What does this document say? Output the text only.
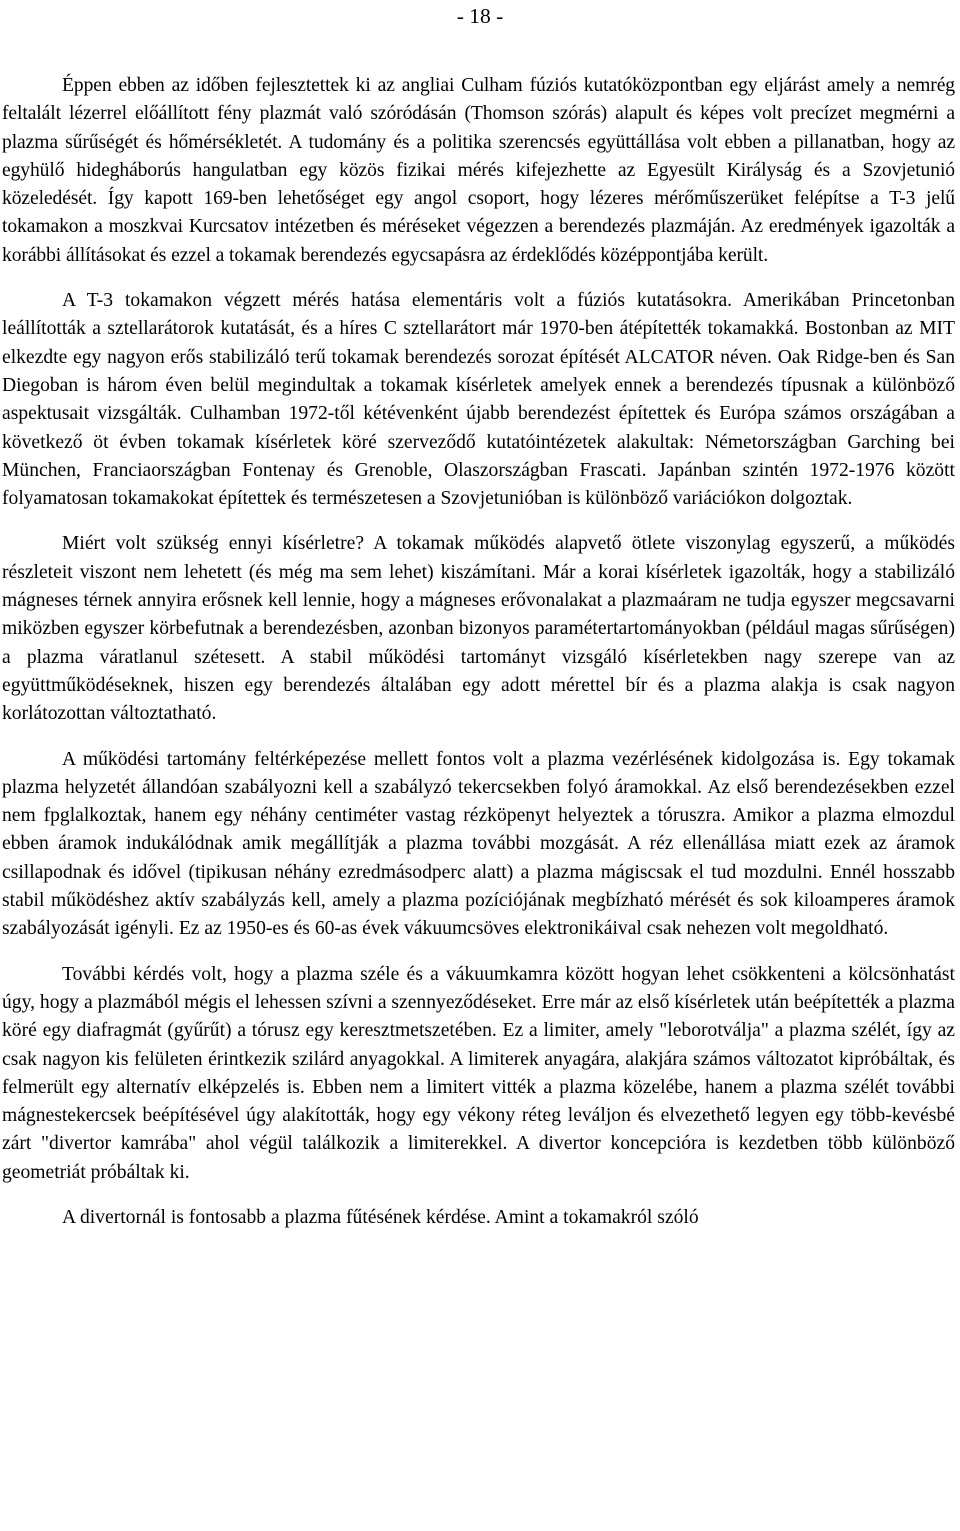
- 18 -

Éppen ebben az időben fejlesztettek ki az angliai Culham fúziós kutatóközpontban egy eljárást amely a nemrég feltalált lézerrel előállított fény plazmát való szóródásán (Thomson szórás) alapult és képes volt precízet megmérni a plazma sűrűségét és hőmérsékletét. A tudomány és a politika szerencsés együttállása volt ebben a pillanatban, hogy az egyhülő hidegháborús hangulatban egy közös fizikai mérés kifejezhette az Egyesült Királyság és a Szovjetunió közeledését. Így kapott 169-ben lehetőséget egy angol csoport, hogy lézeres mérőműszerüket felépítse a T-3 jelű tokamakon a moszkvai Kurcsatov intézetben és méréseket végezzen a berendezés plazmáján. Az eredmények igazolták a korábbi állításokat és ezzel a tokamak berendezés egycsapásra az érdeklődés középpontjába került.

A T-3 tokamakon végzett mérés hatása elementáris volt a fúziós kutatásokra. Amerikában Princetonban leállították a sztellarátorok kutatását, és a híres C sztellarátort már 1970-ben átépítették tokamakká. Bostonban az MIT elkezdte egy nagyon erős stabilizáló terű tokamak berendezés sorozat építését ALCATOR néven. Oak Ridge-ben és San Diegoban is három éven belül megindultak a tokamak kísérletek amelyek ennek a berendezés típusnak a különböző aspektusait vizsgálták. Culhamban 1972-től kétévenként újabb berendezést építettek és Európa számos országában a következő öt évben tokamak kísérletek köré szerveződő kutatóintézetek alakultak: Németországban Garching bei München, Franciaországban Fontenay és Grenoble, Olaszországban Frascati. Japánban szintén 1972-1976 között folyamatosan tokamakokat építettek és természetesen a Szovjetunióban is különböző variációkon dolgoztak.

Miért volt szükség ennyi kísérletre? A tokamak működés alapvető ötlete viszonylag egyszerű, a működés részleteit viszont nem lehetett (és még ma sem lehet) kiszámítani. Már a korai kísérletek igazolták, hogy a stabilizáló mágneses térnek annyira erősnek kell lennie, hogy a mágneses erővonalakat a plazmaáram ne tudja egyszer megcsavarni miközben egyszer körbefutnak a berendezésben, azonban bizonyos paramétertartományokban (például magas sűrűségen) a plazma váratlanul szétesett. A stabil működési tartományt vizsgáló kísérletekben nagy szerepe van az együttműködéseknek, hiszen egy berendezés általában egy adott mérettel bír és a plazma alakja is csak nagyon korlátozottan változtatható.

A működési tartomány feltérképezése mellett fontos volt a plazma vezérlésének kidolgozása is. Egy tokamak plazma helyzetét állandóan szabályozni kell a szabályzó tekercsekben folyó áramokkal. Az első berendezésekben ezzel nem fpglalkoztak, hanem egy néhány centiméter vastag rézköpenyt helyeztek a tóruszra. Amikor a plazma elmozdul ebben áramok indukálódnak amik megállítják a plazma további mozgását. A réz ellenállása miatt ezek az áramok csillapodnak és idővel (tipikusan néhány ezredmásodperc alatt) a plazma mágiscsak el tud mozdulni. Ennél hosszabb stabil működéshez aktív szabályzás kell, amely a plazma pozíciójának megbízható mérését és sok kiloamperes áramok szabályozását igényli. Ez az 1950-es és 60-as évek vákuumcsöves elektronikáival csak nehezen volt megoldható.

További kérdés volt, hogy a plazma széle és a vákuumkamra között hogyan lehet csökkenteni a kölcsönhatást úgy, hogy a plazmából mégis el lehessen szívni a szennyeződéseket. Erre már az első kísérletek után beépítették a plazma köré egy diafragmát (gyűrűt) a tórusz egy keresztmetszetében. Ez a limiter, amely "leborotválja" a plazma szélét, így az csak nagyon kis felületen érintkezik szilárd anyagokkal. A limiterek anyagára, alakjára számos változatot kipróbáltak, és felmerült egy alternatív elképzelés is. Ebben nem a limitert vitték a plazma közelébe, hanem a plazma szélét további mágnestekercsek beépítésével úgy alakították, hogy egy vékony réteg leváljon és elvezethető legyen egy több-kevésbé zárt "divertor kamrába" ahol végül találkozik a limiterekkel. A divertor koncepcióra is kezdetben több különböző geometriát próbáltak ki.

A divertornál is fontosabb a plazma fűtésének kérdése. Amint a tokamakról szóló
